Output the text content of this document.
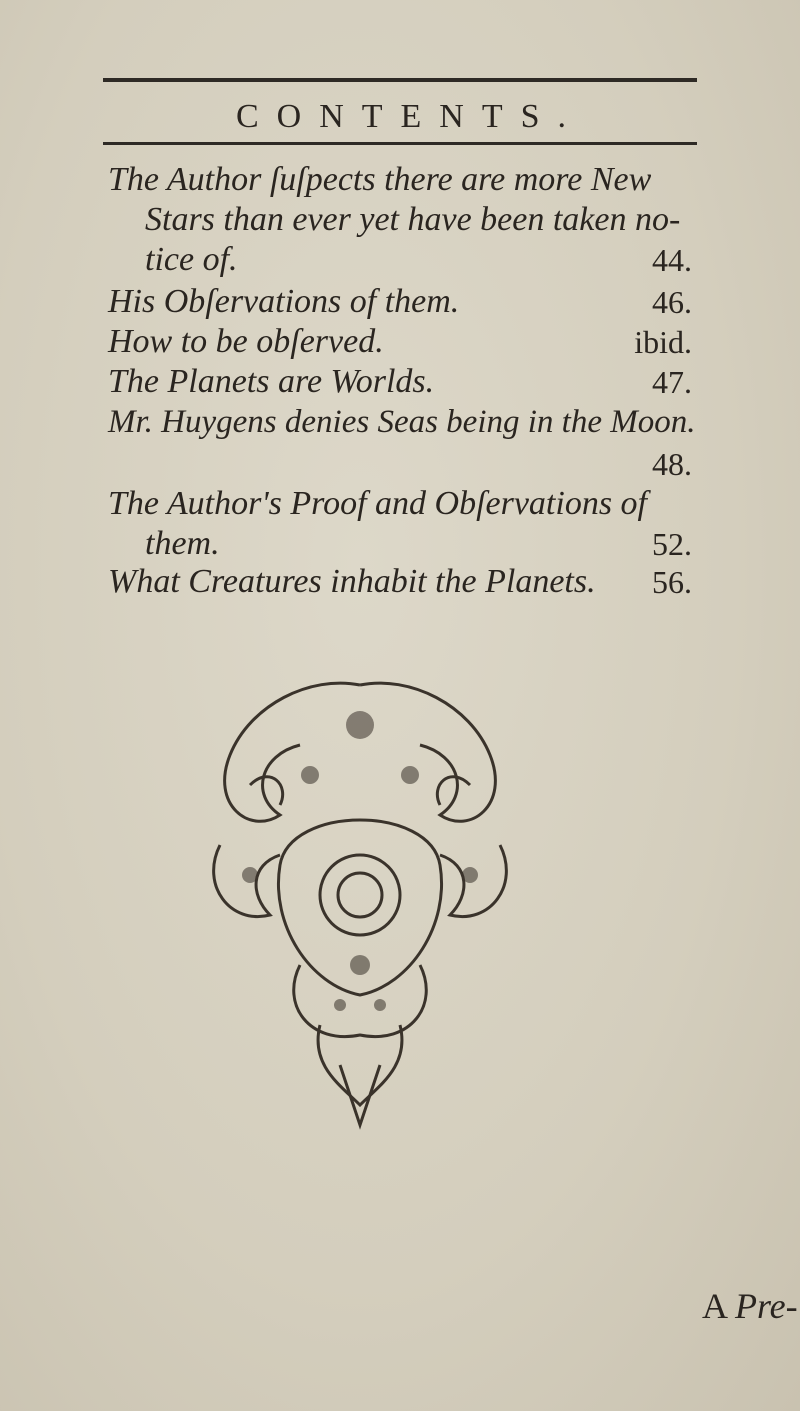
CONTENTS.
The Author ſuſpects there are more New
Stars than ever yet have been taken no-
tice of.	44.
His Obſervations of them.	46.
How to be obſerved.	ibid.
The Planets are Worlds.	47.
Mr. Huygens denies Seas being in the Moon.
48.
The Author's Proof and Obſervations of
them.	52.
What Creatures inhabit the Planets. 56.
A Pre-
